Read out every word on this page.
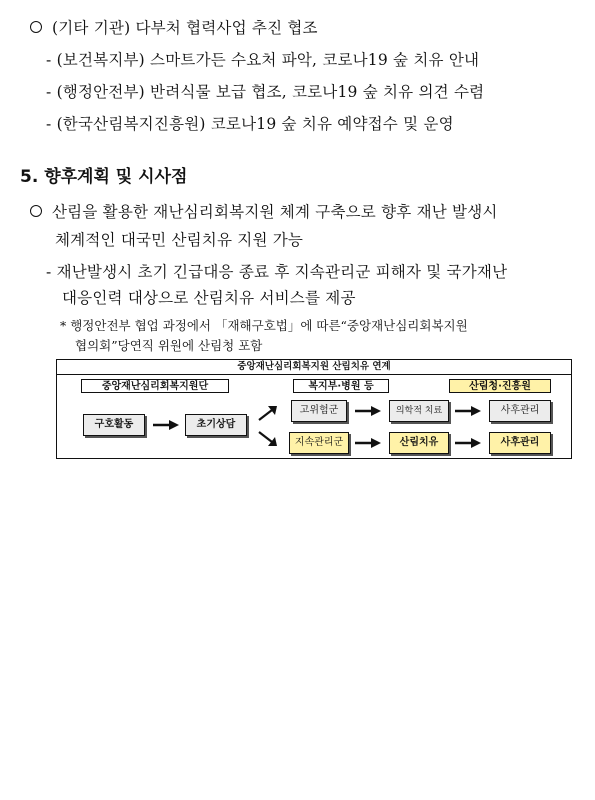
(기타 기관) 다부처 협력사업 추진 협조
- (보건복지부) 스마트가든 수요처 파악, 코로나19 숲 치유 안내
- (행정안전부) 반려식물 보급 협조, 코로나19 숲 치유 의견 수렴
- (한국산림복지진흥원) 코로나19 숲 치유 예약접수 및 운영
5. 향후계획 및 시사점
산림을 활용한 재난심리회복지원 체계 구축으로 향후 재난 발생시
체계적인 대국민 산림치유 지원 가능
- 재난발생시 초기 긴급대응 종료 후 지속관리군 피해자 및 국가재난
대응인력 대상으로 산림치유 서비스를 제공
* 행정안전부 협업 과정에서 「재해구호법」에 따른“중앙재난심리회복지원
협의회”당연직 위원에 산림청 포함
중앙재난심리회복지원 산림치유 연계
중앙재난심리회복지원단	복지부·병원 등	산림청·진흥원
구호활동	초기상담
고위험군	의학적 치료	사후관리
지속관리군	산림치유	사후관리
